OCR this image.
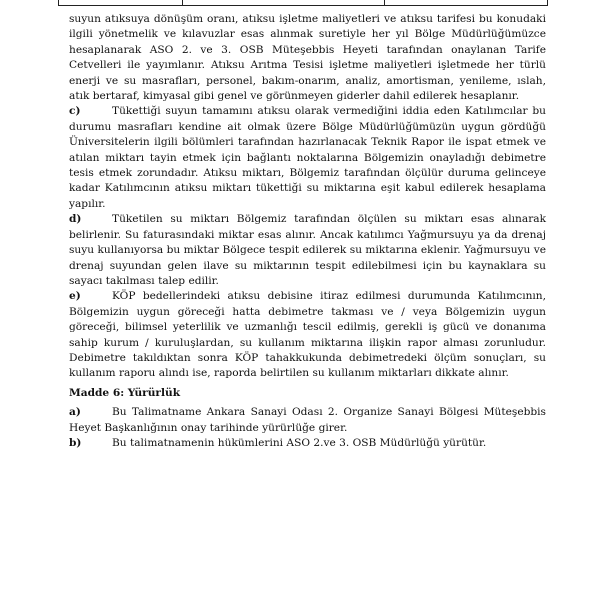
suyun atıksuya dönüşüm oranı, atıksu işletme maliyetleri ve atıksu tarifesi bu konudaki ilgili yönetmelik ve kılavuzlar esas alınmak suretiyle her yıl Bölge Müdürlüğümüzce hesaplanarak ASO 2. ve 3. OSB Müteşebbis Heyeti tarafından onaylanan Tarife Cetvelleri ile yayımlanır. Atıksu Arıtma Tesisi işletme maliyetleri işletmede her türlü enerji ve su masrafları, personel, bakım-onarım, analiz, amortisman, yenileme, ıslah, atık bertaraf, kimyasal gibi genel ve görünmeyen giderler dahil edilerek hesaplanır.

c)	Tükettiği suyun tamamını atıksu olarak vermediğini iddia eden Katılımcılar bu durumu masrafları kendine ait olmak üzere Bölge Müdürlüğümüzün uygun gördüğü Üniversitelerin ilgili bölümleri tarafından hazırlanacak Teknik Rapor ile ispat etmek ve atılan miktarı tayin etmek için bağlantı noktalarına Bölgemizin onayladığı debimetre tesis etmek zorundadır. Atıksu miktarı, Bölgemiz tarafından ölçülür duruma gelinceye kadar Katılımcının atıksu miktarı tükettiği su miktarına eşit kabul edilerek hesaplama yapılır.

d)	Tüketilen su miktarı Bölgemiz tarafından ölçülen su miktarı esas alınarak belirlenir. Su faturasındaki miktar esas alınır. Ancak katılımcı Yağmursuyu ya da drenaj suyu kullanıyorsa bu miktar Bölgece tespit edilerek su miktarına eklenir. Yağmursuyu ve drenaj suyundan gelen ilave su miktarının tespit edilebilmesi için bu kaynaklara su sayacı takılması talep edilir.

e)	KÖP bedellerindeki atıksu debisine itiraz edilmesi durumunda Katılımcının, Bölgemizin uygun göreceği hatta debimetre takması ve / veya Bölgemizin uygun göreceği, bilimsel yeterlilik ve uzmanlığı tescil edilmiş, gerekli iş gücü ve donanıma sahip kurum / kuruluşlardan, su kullanım miktarına ilişkin rapor alması zorunludur. Debimetre takıldıktan sonra KÖP tahakkukunda debimetredeki ölçüm sonuçları, su kullanım raporu alındı ise, raporda belirtilen su kullanım miktarları dikkate alınır.

Madde 6: Yürürlük

a)	Bu Talimatname Ankara Sanayi Odası 2. Organize Sanayi Bölgesi Müteşebbis Heyet Başkanlığının onay tarihinde yürürlüğe girer.

b)	Bu talimatnamenin hükümlerini ASO 2.ve 3. OSB Müdürlüğü yürütür.
